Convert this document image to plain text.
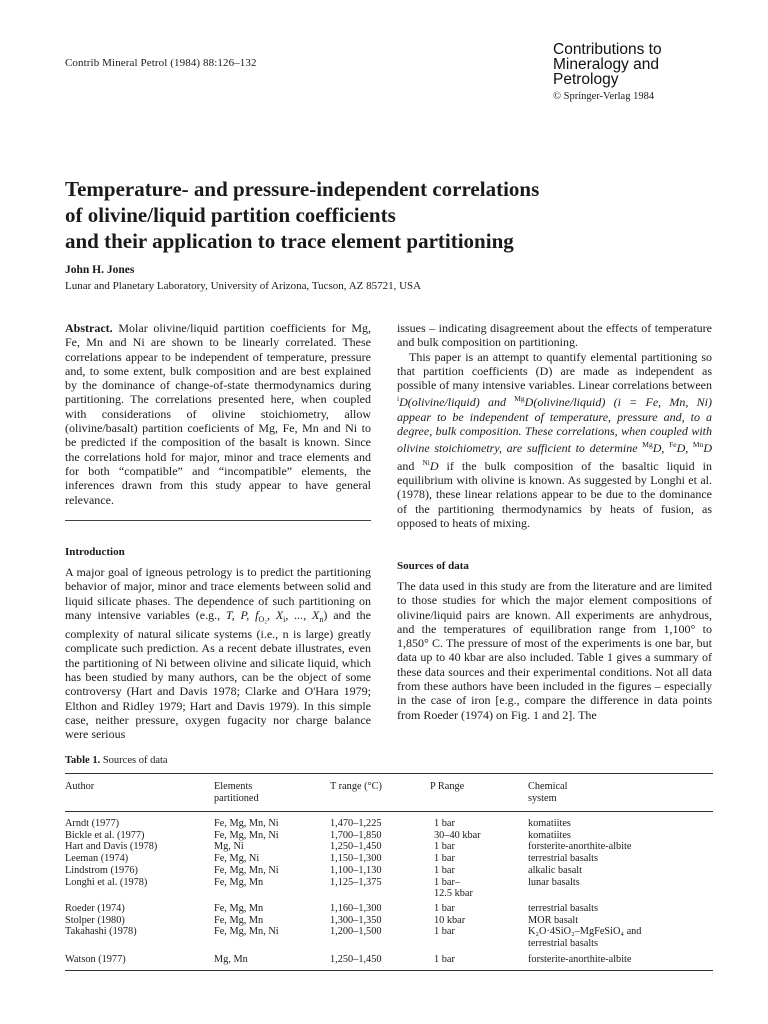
Contrib Mineral Petrol (1984) 88:126–132
Contributions to
Mineralogy and
Petrology
© Springer-Verlag 1984
Temperature- and pressure-independent correlations
of olivine/liquid partition coefficients
and their application to trace element partitioning
John H. Jones
Lunar and Planetary Laboratory, University of Arizona, Tucson, AZ 85721, USA

Abstract. Molar olivine/liquid partition coefficients for Mg, Fe, Mn and Ni are shown to be linearly correlated. These correlations appear to be independent of temperature, pressure and, to some extent, bulk composition and are best explained by the dominance of change-of-state thermodynamics during partitioning. The correlations presented here, when coupled with considerations of olivine stoichiometry, allow (olivine/basalt) partition coeficients of Mg, Fe, Mn and Ni to be predicted if the composition of the basalt is known. Since the correlations hold for major, minor and trace elements and for both “compatible” and “incompatible” elements, the inferences drawn from this study appear to have general relevance.

Introduction

A major goal of igneous petrology is to predict the partitioning behavior of major, minor and trace elements between solid and liquid silicate phases. The dependence of such partitioning on many intensive variables (e.g., T, P, $f_{O_2}$, $X_i$, ..., $X_n$) and the complexity of natural silicate systems (i.e., n is large) greatly complicate such prediction. As a recent debate illustrates, even the partitioning of Ni between olivine and silicate liquid, which has been studied by many authors, can be the object of some controversy (Hart and Davis 1978; Clarke and O'Hara 1979; Elthon and Ridley 1979; Hart and Davis 1979). In this simple case, neither pressure, oxygen fugacity nor charge balance were serious

issues – indicating disagreement about the effects of temperature and bulk composition on partitioning.

This paper is an attempt to quantify elemental partitioning so that partition coefficients (D) are made as independent as possible of many intensive variables. Linear correlations between $^i$D(olivine/liquid) and $^{Mg}$D(olivine/liquid) (i = Fe, Mn, Ni) appear to be independent of temperature, pressure and, to a degree, bulk composition. These correlations, when coupled with olivine stoichiometry, are sufficient to determine $^{Mg}$D, $^{Fe}$D, $^{Mn}$D and $^{Ni}$D if the bulk composition of the basaltic liquid in equilibrium with olivine is known. As suggested by Longhi et al. (1978), these linear relations appear to be due to the dominance of the partitioning thermodynamics by heats of fusion, as opposed to heats of mixing.

Sources of data
The data used in this study are from the literature and are limited to those studies for which the major element compositions of olivine/liquid pairs are known. All experiments are anhydrous, and the temperatures of equilibration range from 1,100° to 1,850° C. The pressure of most of the experiments is one bar, but data up to 40 kbar are also included. Table 1 gives a summary of these data sources and their experimental conditions. Not all data from these authors have been included in the figures – especially in the case of iron [e.g., compare the difference in data points from Roeder (1974) on Fig. 1 and 2]. The
Table 1. Sources of data
Author	Elements
partitioned
T range (°C)	P Range	Chemical
system
Arndt (1977)	Fe, Mg, Mn, Ni	1,470–1,225	1 bar	komatiites
Bickle et al. (1977)	Fe, Mg, Mn, Ni	1,700–1,850	30–40 kbar	komatiites
Hart and Davis (1978)	Mg, Ni	1,250–1,450	1 bar	forsterite-anorthite-albite
Leeman (1974)	Fe, Mg, Ni	1,150–1,300	1 bar	terrestrial basalts
Lindstrom (1976)	Fe, Mg, Mn, Ni	1,100–1,130	1 bar	alkalic basalt
Longhi et al. (1978)	Fe, Mg, Mn	1,125–1,375	1 bar–	lunar basalts
12.5 kbar
Roeder (1974)	Fe, Mg, Mn	1,160–1,300	1 bar	terrestrial basalts
Stolper (1980)	Fe, Mg, Mn	1,300–1,350	10 kbar	MOR basalt
Takahashi (1978)	Fe, Mg, Mn, Ni	1,200–1,500	1 bar	K₂O·4SiO₂–MgFeSiO₄ and
terrestrial basalts
Watson (1977)	Mg, Mn	1,250–1,450	1 bar	forsterite-anorthite-albite
